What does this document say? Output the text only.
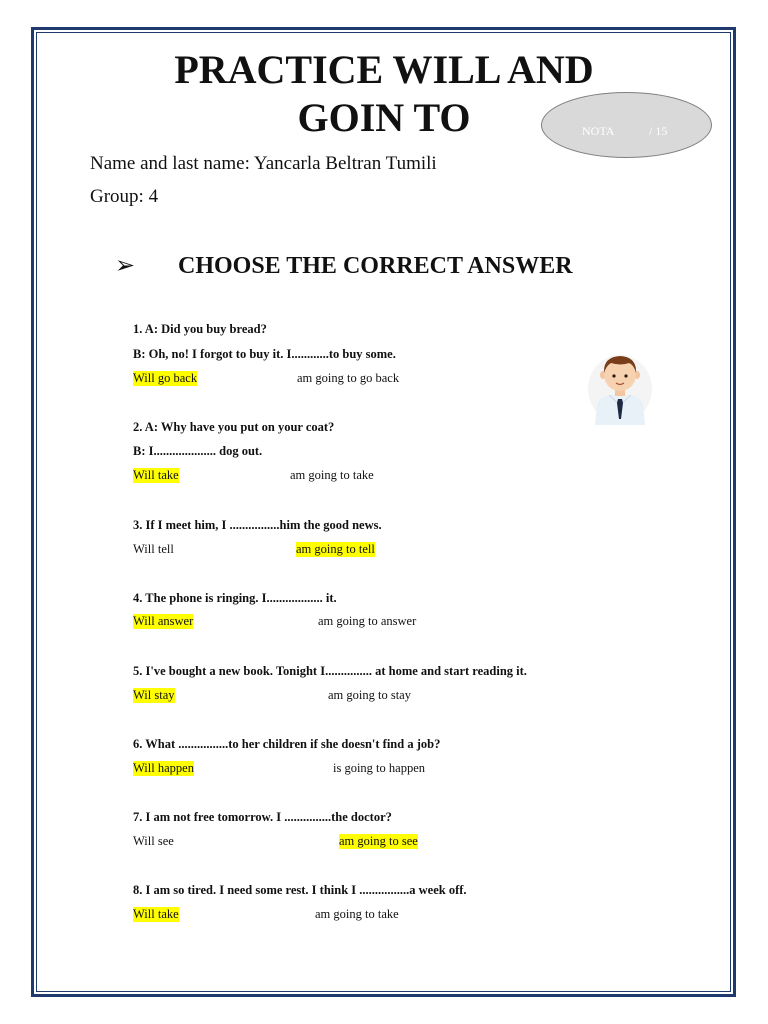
PRACTICE WILL AND
GOIN TO	NOTA	/ 15
Name and last name: Yancarla Beltran Tumili
Group: 4
➢ CHOOSE THE CORRECT ANSWER
1. A: Did you buy bread?
B: Oh, no! I forgot to buy it. I............to buy some.
Will go back	am going to go back
2. A: Why have you put on your coat?
B: I.................... dog out.
Will take	am going to take
3. If I meet him, I ................him the good news.
Will tell	am going to tell
4. The phone is ringing. I.................. it.
Will answer	am going to answer
5. I've bought a new book. Tonight I............... at home and start reading it.
Wil stay	am going to stay
6. What ................to her children if she doesn't find a job?
Will happen	is going to happen
7. I am not free tomorrow. I ...............the doctor?
Will see	am going to see
8. I am so tired. I need some rest. I think I ................a week off.
Will take	am going to take
